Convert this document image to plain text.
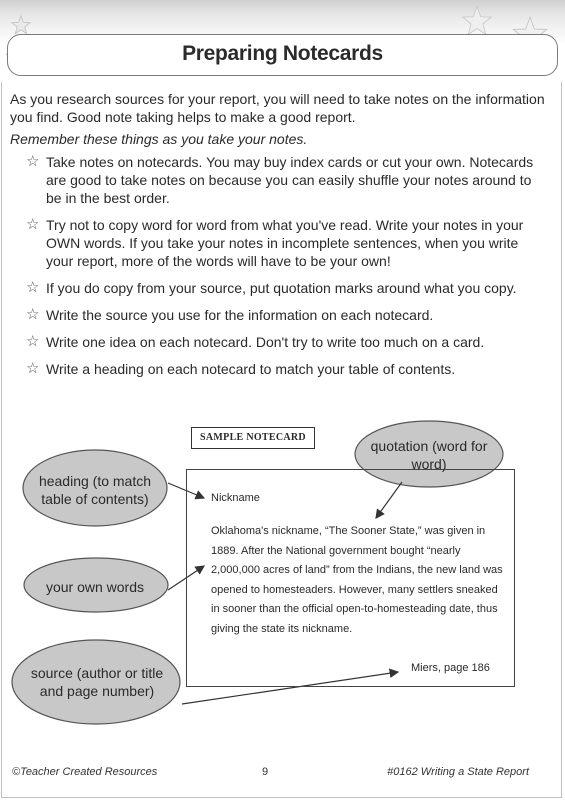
Preparing Notecards
As you research sources for your report, you will need to take notes on the information you find. Good note taking helps to make a good report.
Remember these things as you take your notes.
☆ Take notes on notecards. You may buy index cards or cut your own. Notecards are good to take notes on because you can easily shuffle your notes around to be in the best order.
☆ Try not to copy word for word from what you've read. Write your notes in your OWN words. If you take your notes in incomplete sentences, when you write your report, more of the words will have to be your own!
☆ If you do copy from your source, put quotation marks around what you copy.
☆ Write the source you use for the information on each notecard.
☆ Write one idea on each notecard. Don't try to write too much on a card.
☆ Write a heading on each notecard to match your table of contents.
SAMPLE NOTECARD
Nickname
Oklahoma's nickname, “The Sooner State,” was given in 1889. After the National government bought “nearly 2,000,000 acres of land” from the Indians, the new land was opened to homesteaders. However, many settlers sneaked in sooner than the official open-to-homesteading date, thus giving the state its nickname.
Miers, page 186
heading (to match table of contents)
your own words
source (author or title and page number)
quotation (word for word)
©Teacher Created Resources	9	#0162 Writing a State Report
